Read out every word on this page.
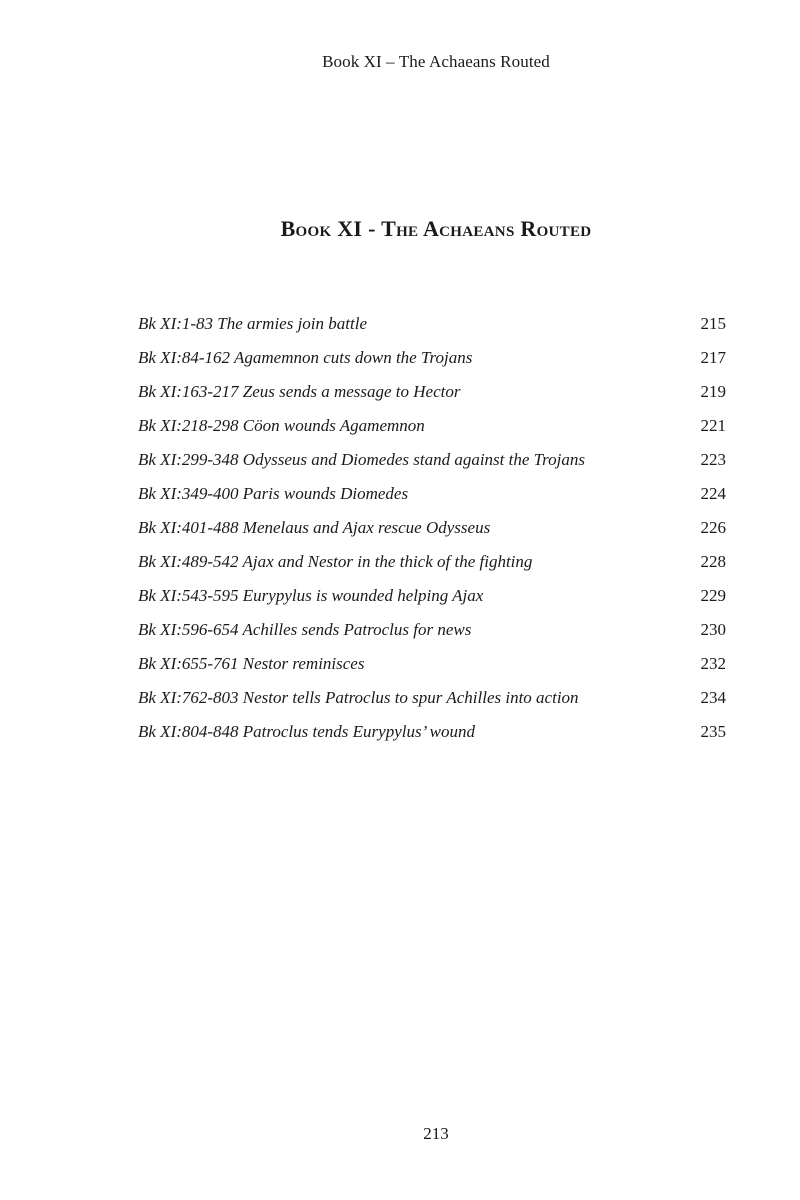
Book XI – The Achaeans Routed
Book XI - The Achaeans Routed
Bk XI:1-83 The armies join battle	215
Bk XI:84-162 Agamemnon cuts down the Trojans	217
Bk XI:163-217 Zeus sends a message to Hector	219
Bk XI:218-298 Cöon wounds Agamemnon	221
Bk XI:299-348 Odysseus and Diomedes stand against the Trojans	223
Bk XI:349-400 Paris wounds Diomedes	224
Bk XI:401-488 Menelaus and Ajax rescue Odysseus	226
Bk XI:489-542 Ajax and Nestor in the thick of the fighting	228
Bk XI:543-595 Eurypylus is wounded helping Ajax	229
Bk XI:596-654 Achilles sends Patroclus for news	230
Bk XI:655-761 Nestor reminisces	232
Bk XI:762-803 Nestor tells Patroclus to spur Achilles into action	234
Bk XI:804-848 Patroclus tends Eurypylus’ wound	235
213
